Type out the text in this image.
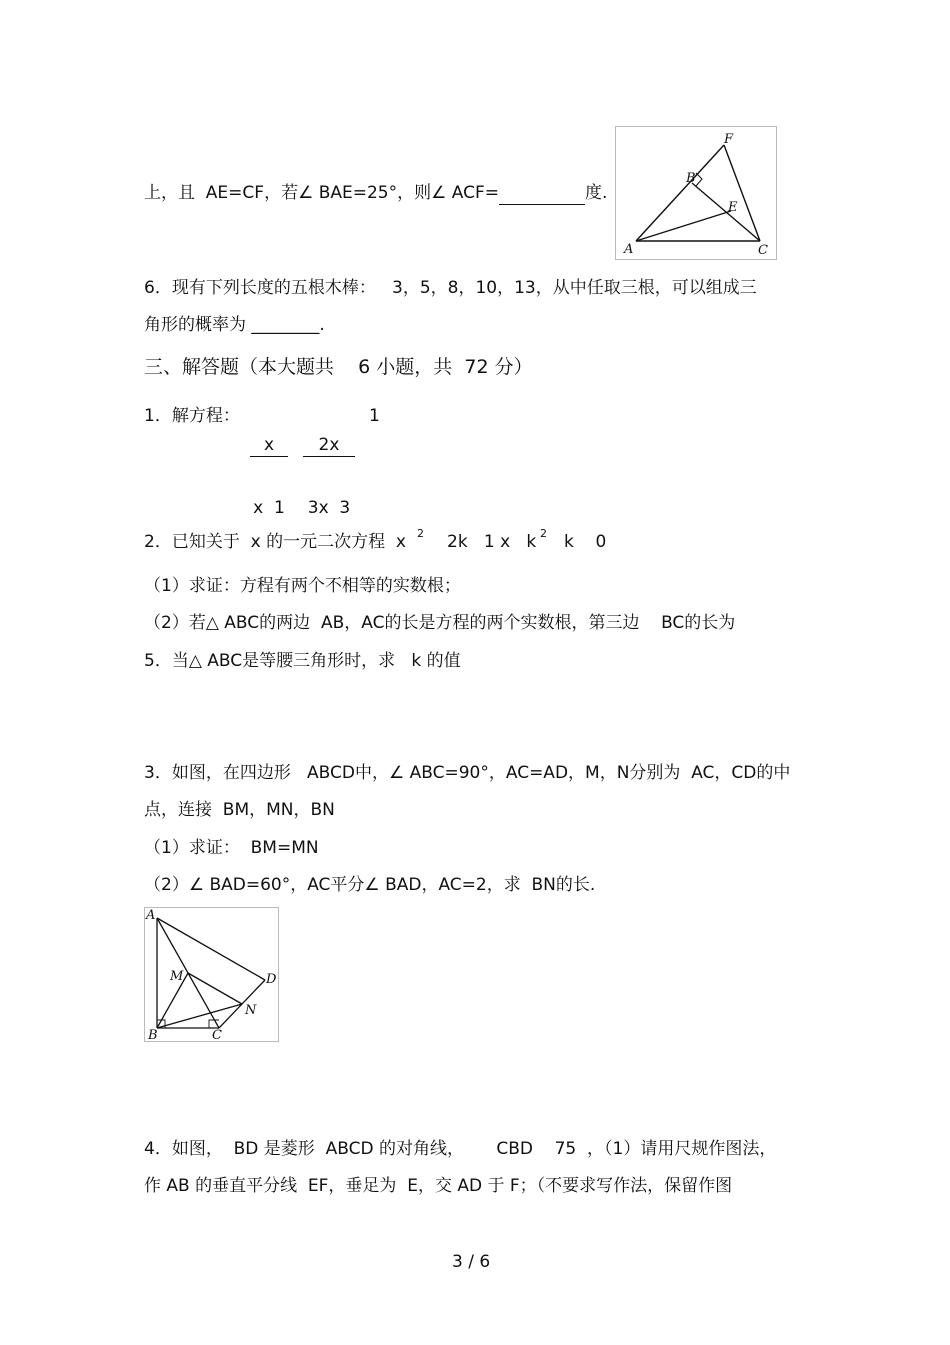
上，且  AE=CF，若∠ BAE=25°，则∠ ACF=	度.
A
B
C
E
F
6．现有下列长度的五根木棒：   3，5，8，10，13，从中任取三根，可以组成三
角形的概率为 ________.
三、解答题（本大题共    6 小题，共  72 分）
1．解方程：

$\frac{x}{x 1}$

$\frac{2x}{3x 3} 1$
2．已知关于  x 的一元二次方程  x 2 2k   1 x   k 2 k    0
（1）求证：方程有两个不相等的实数根；
（2）若△ ABC的两边  AB，AC的长是方程的两个实数根，第三边    BC的长为
5．当△ ABC是等腰三角形时，求   k 的值
3．如图，在四边形   ABCD中，∠ ABC=90°，AC=AD，M，N分别为  AC，CD的中
点，连接  BM，MN，BN
（1）求证：  BM=MN
（2）∠ BAD=60°，AC平分∠ BAD，AC=2，求  BN的长.
A
B	C
D
M
N
4．如图，  BD 是菱形  ABCD 的对角线，      CBD    75  ，（1）请用尺规作图法，
作 AB 的垂直平分线  EF，垂足为  E，交 AD 于 F；（不要求写作法，保留作图
3 / 6
